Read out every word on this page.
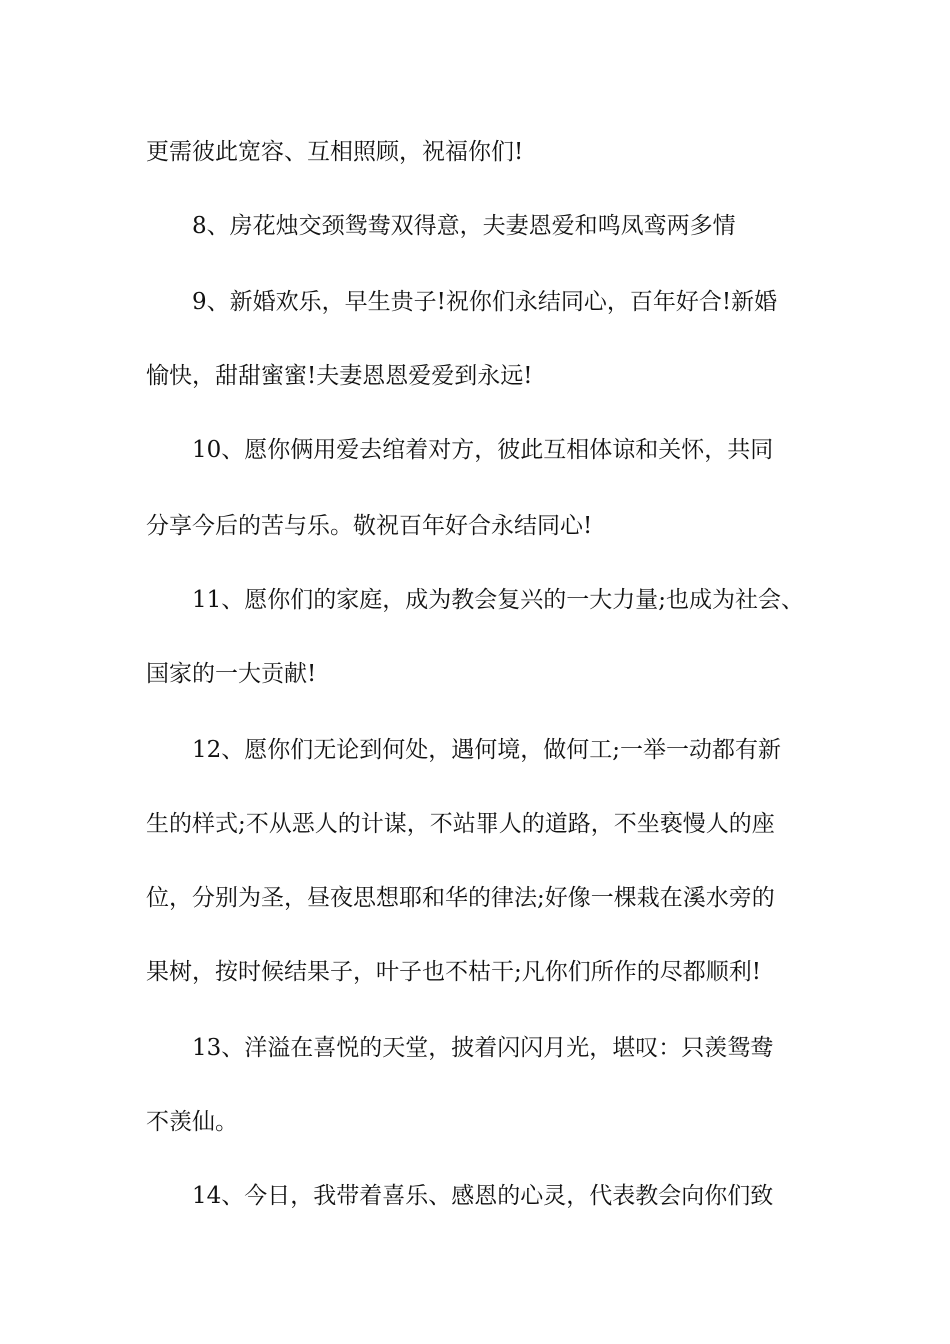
更需彼此宽容、互相照顾，祝福你们!
8、房花烛交颈鸳鸯双得意，夫妻恩爱和鸣凤鸾两多情
9、新婚欢乐，早生贵子!祝你们永结同心，百年好合!新婚
愉快，甜甜蜜蜜!夫妻恩恩爱爱到永远!
10、愿你俩用爱去绾着对方，彼此互相体谅和关怀，共同
分享今后的苦与乐。敬祝百年好合永结同心!
11、愿你们的家庭，成为教会复兴的一大力量;也成为社会、
国家的一大贡献!
12、愿你们无论到何处，遇何境，做何工;一举一动都有新
生的样式;不从恶人的计谋，不站罪人的道路，不坐亵慢人的座
位，分别为圣，昼夜思想耶和华的律法;好像一棵栽在溪水旁的
果树，按时候结果子，叶子也不枯干;凡你们所作的尽都顺利!
13、洋溢在喜悦的天堂，披着闪闪月光，堪叹：只羡鸳鸯
不羡仙。
14、今日，我带着喜乐、感恩的心灵，代表教会向你们致
